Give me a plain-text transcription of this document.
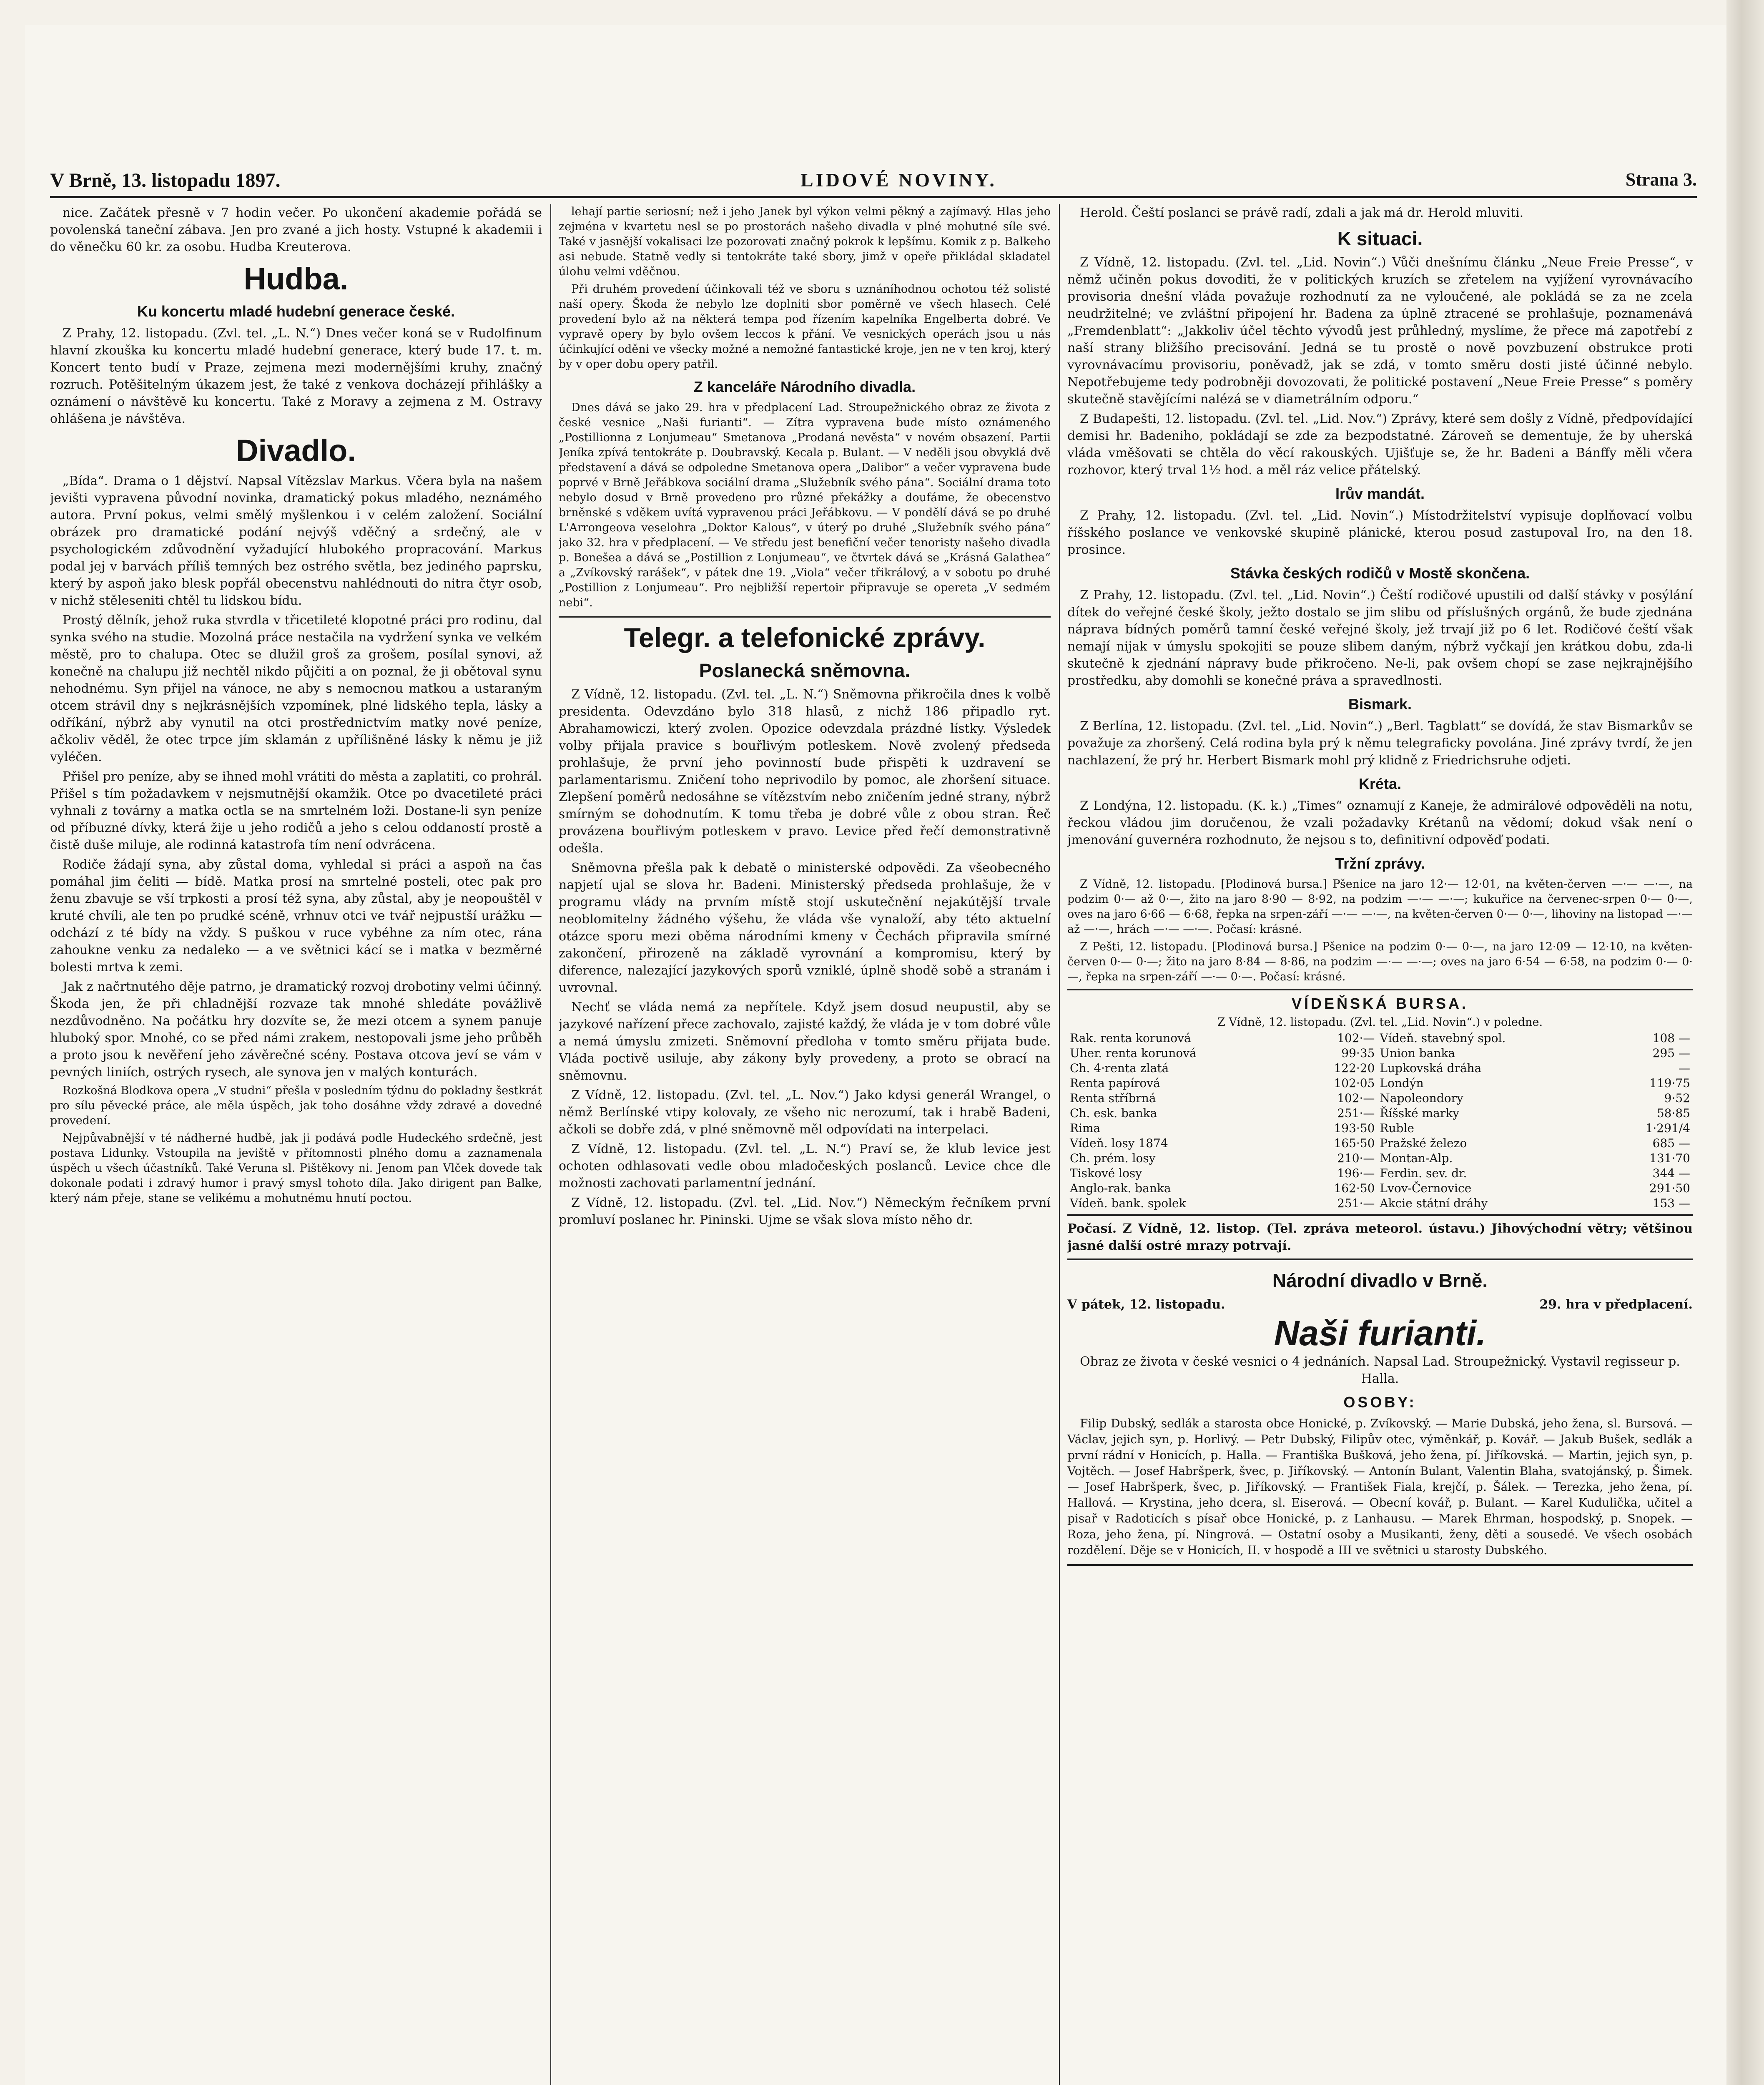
V Brně, 13. listopadu 1897.	LIDOVÉ NOVINY.	Strana 3.

nice. Začátek přesně v 7 hodin večer. Po ukončení akademie pořádá se povolenská taneční zábava. Jen pro zvané a jich hosty. Vstupné k akademii i do věnečku 60 kr. za osobu. Hudba Kreuterova.

Hudba.
Ku koncertu mladé hudební generace české.

Z Prahy, 12. listopadu. (Zvl. tel. „L. N.“) Dnes večer koná se v Rudolfinum hlavní zkouška ku koncertu mladé hudební generace, který bude 17. t. m. Koncert tento budí v Praze, zejmena mezi modernějšími kruhy, značný rozruch. Potěšitelným úkazem jest, že také z venkova docházejí přihlášky a oznámení o návštěvě ku koncertu. Také z Moravy a zejmena z M. Ostravy ohlášena je návštěva.

Divadlo.

„Bída“. Drama o 1 dějství. Napsal Vítězslav Markus. Včera byla na našem jevišti vypravena původní novinka, dramatický pokus mladého, neznámého autora. První pokus, velmi smělý myšlenkou i v celém založení. Sociální obrázek pro dramatické podání nejvýš vděčný a srdečný, ale v psychologickém zdůvodnění vyžadující hlubokého propracování. Markus podal jej v barvách příliš temných bez ostrého světla, bez jediného paprsku, který by aspoň jako blesk popřál obecenstvu nahlédnouti do nitra čtyr osob, v nichž stěleseniti chtěl tu lidskou bídu.

Prostý dělník, jehož ruka stvrdla v třicetileté klopotné práci pro rodinu, dal synka svého na studie. Mozolná práce nestačila na vydržení synka ve velkém městě, pro to chalupa. Otec se dlužil groš za grošem, posílal synovi, až konečně na chalupu již nechtěl nikdo půjčiti a on poznal, že ji obětoval synu nehodnému. Syn přijel na vánoce, ne aby s nemocnou matkou a ustaraným otcem strávil dny s nejkrásnějších vzpomínek, plné lidského tepla, lásky a odříkání, nýbrž aby vynutil na otci prostřednictvím matky nové peníze, ačkoliv věděl, že otec trpce jím sklamán z upřílišněné lásky k němu je již vyléčen.

Přišel pro peníze, aby se ihned mohl vrátiti do města a zaplatiti, co prohrál. Přišel s tím požadavkem v nejsmutnější okamžik. Otce po dvacetileté práci vyhnali z továrny a matka octla se na smrtelném loži. Dostane-li syn peníze od příbuzné dívky, která žije u jeho rodičů a jeho s celou oddaností prostě a čistě duše miluje, ale rodinná katastrofa tím není odvrácena.

Rodiče žádají syna, aby zůstal doma, vyhledal si práci a aspoň na čas pomáhal jim čeliti — bídě. Matka prosí na smrtelné posteli, otec pak pro ženu zbavuje se vší trpkosti a prosí též syna, aby zůstal, aby je neopouštěl v kruté chvíli, ale ten po prudké scéně, vrhnuv otci ve tvář nejpustší urážku — odchází z té bídy na vždy. S puškou v ruce vybéhne za ním otec, rána zahoukne venku za nedaleko — a ve světnici kácí se i matka v bezměrné bolesti mrtva k zemi.

Jak z načrtnutého děje patrno, je dramatický rozvoj drobotiny velmi účinný. Škoda jen, že při chladnější rozvaze tak mnohé shledáte povážlivě nezdůvodněno. Na počátku hry dozvíte se, že mezi otcem a synem panuje hluboký spor. Mnohé, co se před námi zrakem, nestopovali jsme jeho průběh a proto jsou k nevěření jeho závěrečné scény. Postava otcova jeví se vám v pevných liniích, ostrých rysech, ale synova jen v malých konturách.

Rozkošná Blodkova opera „V studni“ přešla v posledním týdnu do pokladny šestkrát pro sílu pěvecké práce, ale měla úspěch, jak toho dosáhne vždy zdravé a dovedné provedení.

Nejpůvabnější v té nádherné hudbě, jak ji podává podle Hudeckého srdečně, jest postava Lidunky. Vstoupila na jeviště v přítomnosti plného domu a zaznamenala úspěch u všech účastníků. Také Veruna sl. Pištěkovy ni. Jenom pan Vlček dovede tak dokonale podati i zdravý humor i pravý smysl tohoto díla. Jako dirigent pan Balke, který nám přeje, stane se velikému a mohutnému hnutí poctou.

lehají partie seriosní; než i jeho Janek byl výkon velmi pěkný a zajímavý. Hlas jeho zejména v kvartetu nesl se po prostorách našeho divadla v plné mohutné síle své. Také v jasnější vokalisaci lze pozorovati značný pokrok k lepšímu. Komik z p. Balkeho asi nebude. Statně vedly si tentokráte také sbory, jimž v opeře přikládal skladatel úlohu velmi vděčnou.

Při druhém provedení účinkovali též ve sboru s uznáníhodnou ochotou též solisté naší opery. Škoda že nebylo lze doplniti sbor poměrně ve všech hlasech. Celé provedení bylo až na některá tempa pod řízením kapelníka Engelberta dobré. Ve vypravě opery by bylo ovšem leccos k přání. Ve vesnických operách jsou u nás účinkující oděni ve všecky možné a nemožné fantastické kroje, jen ne v ten kroj, který by v oper dobu opery patřil.

Z kanceláře Národního divadla.

Dnes dává se jako 29. hra v předplacení Lad. Stroupežnického obraz ze života z české vesnice „Naši furianti“. — Zítra vypravena bude místo oznámeného „Postillionna z Lonjumeau“ Smetanova „Prodaná nevěsta“ v novém obsazení. Partii Jeníka zpívá tentokráte p. Doubravský. Kecala p. Bulant. — V neděli jsou obvyklá dvě představení a dává se odpoledne Smetanova opera „Dalibor“ a večer vypravena bude poprvé v Brně Jeřábkova sociální drama „Služebník svého pána“. Sociální drama toto nebylo dosud v Brně provedeno pro různé překážky a doufáme, že obecenstvo brněnské s vděkem uvítá vypravenou práci Jeřábkovu. — V pondělí dává se po druhé L'Arrongeova veselohra „Doktor Kalous“, v úterý po druhé „Služebník svého pána“ jako 32. hra v předplacení. — Ve středu jest benefiční večer tenoristy našeho divadla p. Bonešea a dává se „Postillion z Lonjumeau“, ve čtvrtek dává se „Krásná Galathea“ a „Zvíkovský rarášek“, v pátek dne 19. „Viola“ večer třikrálový, a v sobotu po druhé „Postillion z Lonjumeau“. Pro nejbližší repertoir připravuje se opereta „V sedmém nebi“.

Telegr. a telefonické zprávy.
Poslanecká sněmovna.

Z Vídně, 12. listopadu. (Zvl. tel. „L. N.“) Sněmovna přikročila dnes k volbě presidenta. Odevzdáno bylo 318 hlasů, z nichž 186 připadlo ryt. Abrahamowiczi, který zvolen. Opozice odevzdala prázdné lístky. Výsledek volby přijala pravice s bouřlivým potleskem. Nově zvolený předseda prohlašuje, že první jeho povinností bude přispěti k uzdravení se parlamentarismu. Zničení toho neprivodilo by pomoc, ale zhoršení situace. Zlepšení poměrů nedosáhne se vítězstvím nebo zničením jedné strany, nýbrž smírným se dohodnutím. K tomu třeba je dobré vůle z obou stran. Řeč provázena bouřlivým potleskem v pravo. Levice před řečí demonstrativně odešla.

Sněmovna přešla pak k debatě o ministerské odpovědi. Za všeobecného napjetí ujal se slova hr. Badeni. Ministerský předseda prohlašuje, že v programu vlády na prvním místě stojí uskutečnění nejakútější trvale neoblomitelny žádného výšehu, že vláda vše vynaloží, aby této aktuelní otázce sporu mezi oběma národními kmeny v Čechách připravila smírné zakončení, přirozeně na základě vyrovnání a kompromisu, který by diference, nalezající jazykových sporů vzniklé, úplně shodě sobě a stranám i uvrovnal.

Nechť se vláda nemá za nepřítele. Když jsem dosud neupustil, aby se jazykové nařízení přece zachovalo, zajisté každý, že vláda je v tom dobré vůle a nemá úmyslu zmizeti. Sněmovní předloha v tomto směru přijata bude. Vláda poctivě usiluje, aby zákony byly provedeny, a proto se obrací na sněmovnu.

Z Vídně, 12. listopadu. (Zvl. tel. „L. Nov.“) Jako kdysi generál Wrangel, o němž Berlínské vtipy kolovaly, ze všeho nic nerozumí, tak i hrabě Badeni, ačkoli se dobře zdá, v plné sněmovně měl odpovídati na interpelaci.

Z Vídně, 12. listopadu. (Zvl. tel. „L. N.“) Praví se, že klub levice jest ochoten odhlasovati vedle obou mladočeských poslanců. Levice chce dle možnosti zachovati parlamentní jednání.

Z Vídně, 12. listopadu. (Zvl. tel. „Lid. Nov.“) Německým řečníkem první promluví poslanec hr. Pininski. Ujme se však slova místo něho dr.

Herold. Čeští poslanci se právě radí, zdali a jak má dr. Herold mluviti.

K situaci.

Z Vídně, 12. listopadu. (Zvl. tel. „Lid. Novin“.) Vůči dnešnímu článku „Neue Freie Presse“, v němž učiněn pokus dovoditi, že v politických kruzích se zřetelem na vyjížení vyrovnávacího provisoria dnešní vláda považuje rozhodnutí za ne vyloučené, ale pokládá se za ne zcela neudržitelné; ve zvláštní připojení hr. Badena za úplně ztracené se prohlašuje, poznamenává „Fremdenblatt“: „Jakkoliv účel těchto vývodů jest průhledný, myslíme, že přece má zapotřebí z naší strany bližšího precisování. Jedná se tu prostě o nově povzbuzení obstrukce proti vyrovnávacímu provisoriu, poněvadž, jak se zdá, v tomto směru dosti jisté účinné nebylo. Nepotřebujeme tedy podrobněji dovozovati, že politické postavení „Neue Freie Presse“ s poměry skutečně stavějícími nalézá se v diametrálním odporu.“

Z Budapešti, 12. listopadu. (Zvl. tel. „Lid. Nov.“) Zprávy, které sem došly z Vídně, předpovídající demisi hr. Badeniho, pokládají se zde za bezpodstatné. Zároveň se dementuje, že by uherská vláda vměšovati se chtěla do věcí rakouských. Ujišťuje se, že hr. Badeni a Bánffy měli včera rozhovor, který trval 1½ hod. a měl ráz velice přátelský.

Irův mandát.

Z Prahy, 12. listopadu. (Zvl. tel. „Lid. Novin“.) Místodržitelství vypisuje doplňovací volbu říšského poslance ve venkovské skupině plánické, kterou posud zastupoval Iro, na den 18. prosince.

Stávka českých rodičů v Mostě skončena.

Z Prahy, 12. listopadu. (Zvl. tel. „Lid. Novin“.) Čeští rodičové upustili od další stávky v posýlání dítek do veřejné české školy, ježto dostalo se jim slibu od příslušných orgánů, že bude zjednána náprava bídných poměrů tamní české veřejné školy, jež trvají již po 6 let. Rodičové čeští však nemají nijak v úmyslu spokojiti se pouze slibem daným, nýbrž vyčkají jen krátkou dobu, zda-li skutečně k zjednání nápravy bude přikročeno. Ne-li, pak ovšem chopí se zase nejkrajnějšího prostředku, aby domohli se konečné práva a spravedlnosti.

Bismark.

Z Berlína, 12. listopadu. (Zvl. tel. „Lid. Novin“.) „Berl. Tagblatt“ se dovídá, že stav Bismarkův se považuje za zhoršený. Celá rodina byla prý k němu telegraficky povolána. Jiné zprávy tvrdí, že jen nachlazení, že prý hr. Herbert Bismark mohl prý klidně z Friedrichsruhe odjeti.

Kréta.

Z Londýna, 12. listopadu. (K. k.) „Times“ oznamují z Kaneje, že admirálové odpověděli na notu, řeckou vládou jim doručenou, že vzali požadavky Krétanů na vědomí; dokud však není o jmenování guvernéra rozhodnuto, že nejsou s to, definitivní odpověď podati.

Tržní zprávy.

Z Vídně, 12. listopadu. [Plodinová bursa.] Pšenice na jaro 12·— 12·01, na květen-červen —·— —·—, na podzim 0·— až 0·—, žito na jaro 8·90 — 8·92, na podzim —·— —·—; kukuřice na červenec-srpen 0·— 0·—, oves na jaro 6·66 — 6·68, řepka na srpen-září —·— —·—, na květen-červen 0·— 0·—, lihoviny na listopad —·— až —·—, hrách —·— —·—. Počasí: krásné.

Z Pešti, 12. listopadu. [Plodinová bursa.] Pšenice na podzim 0·— 0·—, na jaro 12·09 — 12·10, na květen-červen 0·— 0·—; žito na jaro 8·84 — 8·86, na podzim —·— —·—; oves na jaro 6·54 — 6·58, na podzim 0·— 0·—, řepka na srpen-září —·— 0·—. Počasí: krásné.

VÍDEŇSKÁ BURSA.
Z Vídně, 12. listopadu. (Zvl. tel. „Lid. Novin“.) v poledne.
Rak. renta korunová	102·—	Vídeň. stavebný spol.	108 —
Uher. renta korunová	99·35	Union banka	295 —
Ch. 4·renta zlatá	122·20	Lupkovská dráha	—
Renta papírová	102·05	Londýn	119·75
Renta stříbrná	102·—	Napoleondory	9·52
Ch. esk. banka	251·—	Říšské marky	58·85
Rima	193·50	Ruble	1·291/4
Vídeň. losy 1874	165·50	Pražské železo	685 —
Ch. prém. losy	210·—	Montan-Alp.	131·70
Tiskové losy	196·—	Ferdin. sev. dr.	344 —
Anglo-rak. banka	162·50	Lvov-Černovice	291·50
Vídeň. bank. spolek	251·—	Akcie státní dráhy	153 —

Počasí. Z Vídně, 12. listop. (Tel. zpráva meteorol. ústavu.) Jihovýchodní větry; většinou jasné další ostré mrazy potrvají.

Národní divadlo v Brně.
V pátek, 12. listopadu.	29. hra v předplacení.
Naši furianti.

Obraz ze života v české vesnici o 4 jednáních. Napsal Lad. Stroupežnický. Vystavil regisseur p. Halla.

OSOBY:

Filip Dubský, sedlák a starosta obce Honické, p. Zvíkovský. — Marie Dubská, jeho žena, sl. Bursová. — Václav, jejich syn, p. Horlivý. — Petr Dubský, Filipův otec, výměnkář, p. Kovář. — Jakub Bušek, sedlák a první rádní v Honicích, p. Halla. — Františka Bušková, jeho žena, pí. Jiříkovská. — Martin, jejich syn, p. Vojtěch. — Josef Habršperk, švec, p. Jiříkovský. — Antonín Bulant, Valentin Blaha, svatojánský, p. Šimek. — Josef Habršperk, švec, p. Jiříkovský. — František Fiala, krejčí, p. Šálek. — Terezka, jeho žena, pí. Hallová. — Krystina, jeho dcera, sl. Eiserová. — Obecní kovář, p. Bulant. — Karel Kudulička, učitel a pisař v Radoticích s písař obce Honické, p. z Lanhausu. — Marek Ehrman, hospodský, p. Snopek. — Roza, jeho žena, pí. Ningrová. — Ostatní osoby a Musikanti, ženy, děti a sousedé. Ve všech osobách rozdělení. Děje se v Honicích, II. v hospodě a III ve světnici u starosty Dubského.
